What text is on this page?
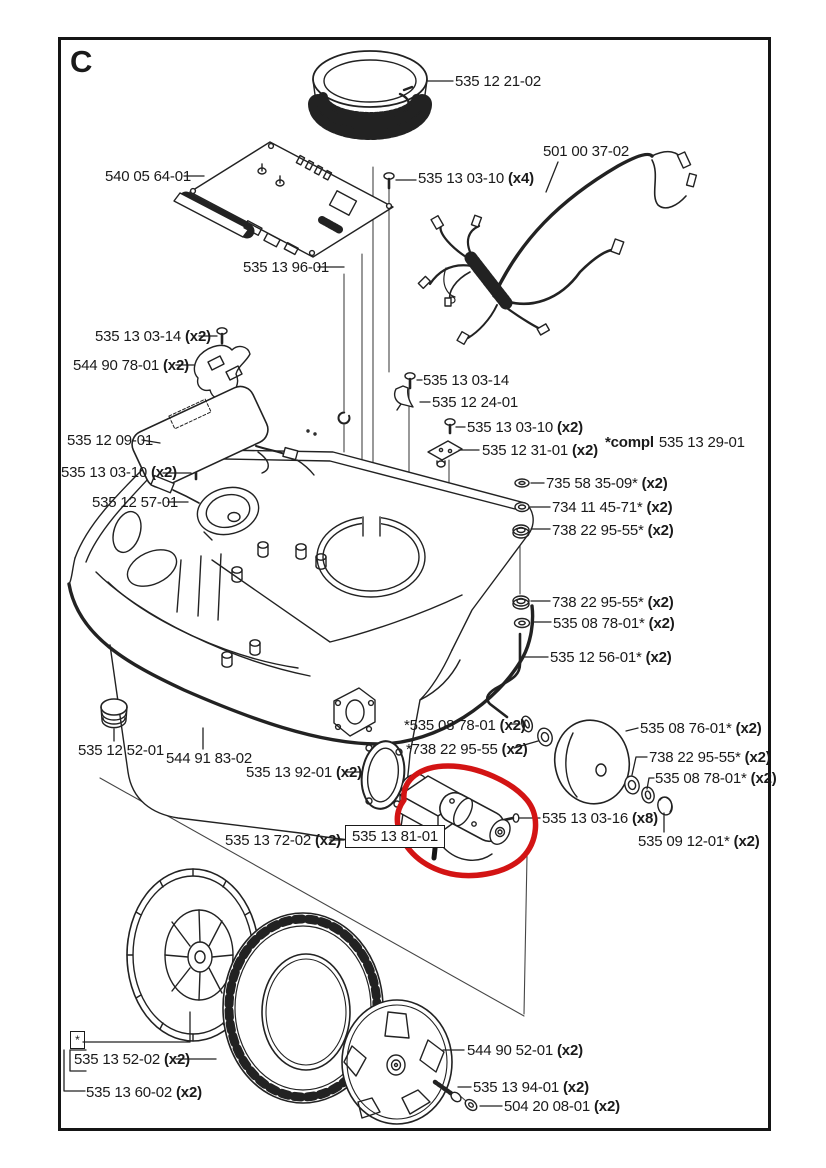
C
535 12 21-02
540 05 64-01	535 13 03-10 (x4)
501 00 37-02
535 13 96-01
535 13 03-14 (x2)
544 90 78-01 (x2)
535 12 09-01
535 13 03-10 (x2)
535 12 57-01
535 13 03-14
535 12 24-01
535 13 03-10 (x2)
535 12 31-01 (x2) *compl 535 13 29-01
735 58 35-09* (x2)
734 11 45-71* (x2)
738 22 95-55* (x2)
738 22 95-55* (x2)
535 08 78-01* (x2)
535 12 56-01* (x2)
*535 08 78-01 (x2)
*738 22 95-55 (x2)
535 08 76-01* (x2)
738 22 95-55* (x2)
535 08 78-01* (x2)
535 13 03-16 (x8)
535 09 12-01* (x2)
535 13 81-01
535 12 52-01 544 91 83-02
535 13 92-01 (x2)
535 13 72-02 (x2)
535 13 52-02 (x2)
535 13 60-02 (x2)
544 90 52-01 (x2)
535 13 94-01 (x2)
504 20 08-01 (x2)
*
